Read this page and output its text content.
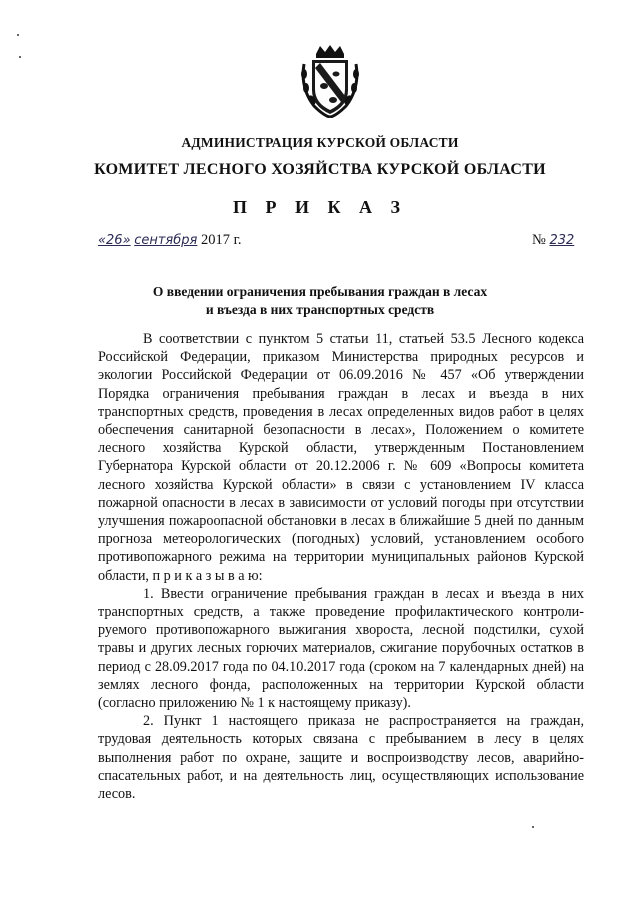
АДМИНИСТРАЦИЯ КУРСКОЙ ОБЛАСТИ
КОМИТЕТ ЛЕСНОГО ХОЗЯЙСТВА КУРСКОЙ ОБЛАСТИ
П Р И К А З
«26» сентября 2017 г.	№ 232
О введении ограничения пребывания граждан в лесах
и въезда в них транспортных средств

В соответствии с пунктом 5 статьи 11, статьей 53.5 Лесного кодекса Российской Федерации, приказом Министерства природных ресурсов и экологии Российской Федерации от 06.09.2016 № 457 «Об утверждении Порядка ограничения пребывания граждан в лесах и въезда в них транспортных средств, проведения в лесах определенных видов работ в целях обеспечения санитарной безопасности в лесах», Положением о комитете лесного хозяйства Курской области, утвержденным Постановлением Губернатора Курской области от 20.12.2006 г. № 609 «Вопросы комитета лесного хозяйства Курской области» в связи с установлением IV класса пожарной опасности в лесах в зависимости от условий погоды при отсутствии улучшения пожароопасной обстановки в лесах в ближайшие 5 дней по данным прогноза метеорологических (погодных) условий, установлением особого противопожарного режима на территории муниципальных районов Курской области, п р и к а з ы в а ю:

1. Ввести ограничение пребывания граждан в лесах и въезда в них транспортных средств, а также проведение профилактического контролируемого противопожарного выжигания хвороста, лесной подстилки, сухой травы и других лесных горючих материалов, сжигание порубочных остатков в период с 28.09.2017 года по 04.10.2017 года (сроком на 7 календарных дней) на землях лесного фонда, расположенных на территории Курской области (согласно приложению № 1 к настоящему приказу).

2. Пункт 1 настоящего приказа не распространяется на граждан, трудовая деятельность которых связана с пребыванием в лесу в целях выполнения работ по охране, защите и воспроизводству лесов, аварийно-спасательных работ, и на деятельность лиц, осуществляющих использование лесов.
